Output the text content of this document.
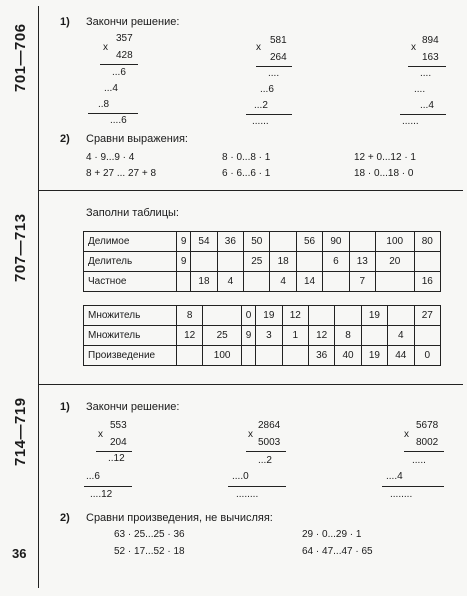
701—706
1) Закончи решение:
x
357
428
...6
...4
..8
....6
x
581
264
....
...6
...2
......
x
894
163
....
....
...4
......
2) Сравни выражения:
4 · 9...9 · 4
8 + 27 ... 27 + 8
8 · 0...8 · 1
6 · 6...6 · 1
12 + 0...12 · 1
18 · 0...18 · 0
707—713
Заполни таблицы:
Делимое	9	54	36	50		56	90		100	80
Делитель	9			25	18		6	13	20	
Частное		18	4		4	14		7		16
Множитель	8		0	19	12			19		27
Множитель	12	25	9	3	1	12	8		4	
Произведение		100				36	40	19	44	0
714—719	1) Закончи решение:
x
553
204
..12
...6
....12
x
2864
5003
...2
....0
........
x
5678
8002
.....
....4
........
2) Сравни произведения, не вычисляя:
63 · 25...25 · 36
52 · 17...52 · 18
29 · 0...29 · 1
64 · 47...47 · 65
36
